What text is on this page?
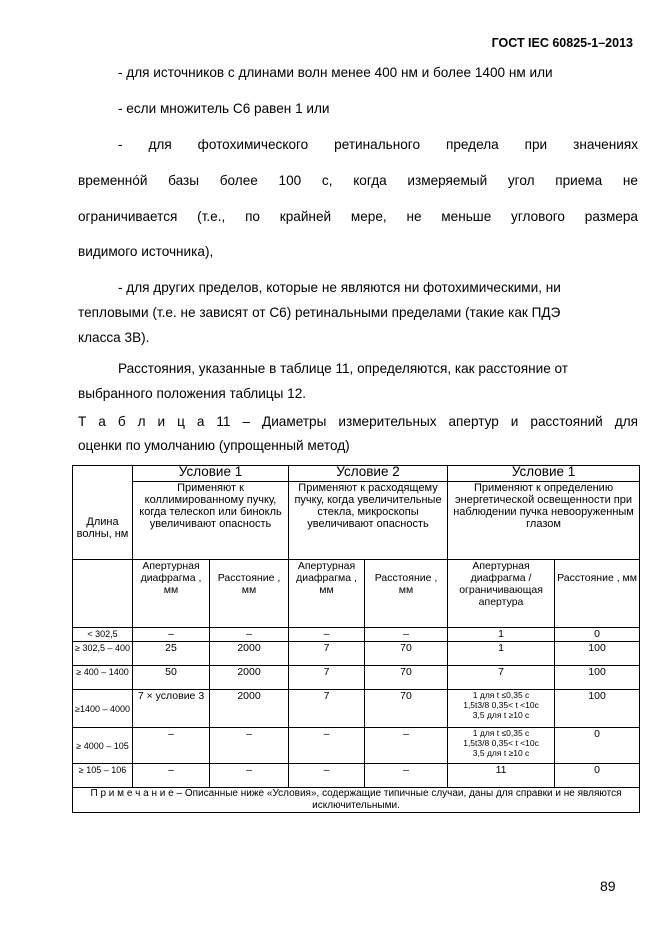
ГОСТ IEC 60825-1–2013
- для источников с длинами волн менее 400 нм и более 1400 нм или
- если множитель C6 равен 1 или
- для фотохимического ретинального предела при значениях
временнóй базы более 100 с, когда измеряемый угол приема не
ограничивается (т.е., по крайней мере, не меньше углового размера
видимого источника),
- для других пределов, которые не являются ни фотохимическими, ни
тепловыми (т.е. не зависят от C6) ретинальными пределами (такие как ПДЭ
класса 3В).
Расстояния, указанные в таблице 11, определяются, как расстояние от
выбранного положения таблицы 12.
Т а б л и ц а 11 – Диаметры измерительных апертур и расстояний для
оценки по умолчанию (упрощенный метод)
Длина волны, нм	Условие 1		Условие 2		Условие 1	
	Применяют к коллимированному пучку, когда телескоп или бинокль увеличивают опасность		Применяют к расходящему пучку, когда увеличительные стекла, микроскопы увеличивают опасность		Применяют к определению энергетической освещенности при наблюдении пучка невооруженным глазом	
	Апертурная диафрагма , мм	Расстояние , мм	Апертурная диафрагма , мм	Расстояние , мм	Апертурная диафрагма / ограничивающая апертура	Расстояние , мм
< 302,5	–	–	–	–	1	0
≥ 302,5 – 400	25	2000	7	70	1	100
≥ 400 – 1400	50	2000	7	70	7	100
≥1400 – 4000	7 × условие 3	2000	7	70	1 для t ≤0,35 с
1,5t3/8 0,35< t <10с
3,5 для t ≥10 с	100
≥ 4000 – 105	–	–	–	–	1 для t ≤0,35 с
1,5t3/8 0,35< t <10с
3,5 для t ≥10 с	0
≥ 105 – 106	–	–	–	–	11	0
П р и м е ч а н и е – Описанные ниже «Условия», содержащие типичные случаи, даны для справки и не являются исключительными.						
89
